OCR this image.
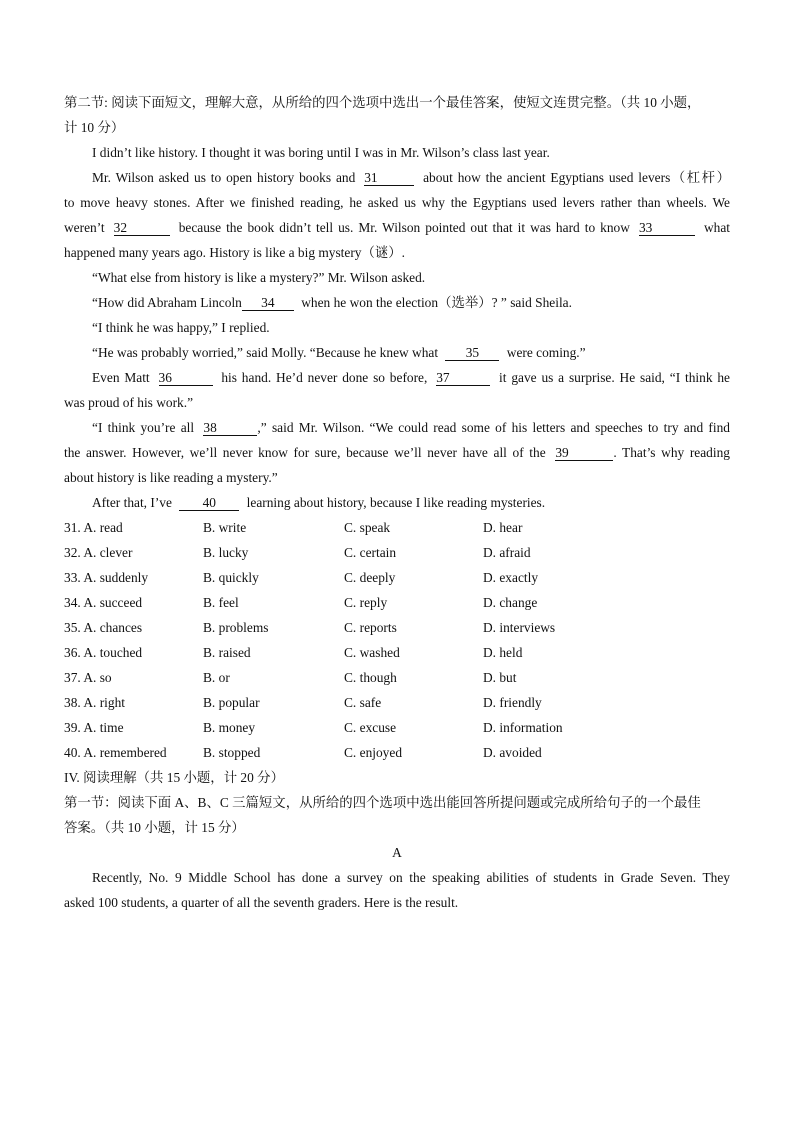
第二节: 阅读下面短文，理解大意，从所给的四个选项中选出一个最佳答案，使短文连贯完整。（共 10 小题，
计 10 分）
I didn’t like history. I thought it was boring until I was in Mr. Wilson’s class last year.
Mr. Wilson asked us to open history books and 31	about how the ancient Egyptians used levers（杠杆）
to move heavy stones. After we finished reading, he asked us why the Egyptians used levers rather than wheels. We
weren’t 32	because the book didn’t tell us. Mr. Wilson pointed out that it was hard to know 33	what
happened many years ago. History is like a big mystery（谜）.
“What else from history is like a mystery?” Mr. Wilson asked.
“How did Abraham Lincoln 34 when he won the election（选举）? ” said Sheila.
“I think he was happy,” I replied.
“He was probably worried,” said Molly. “Because he knew what 35 were coming.”
Even Matt 36	his hand. He’d never done so before, 37	it gave us a surprise. He said, “I think he
was proud of his work.”
“I think you’re all 38	,” said Mr. Wilson. “We could read some of his letters and speeches to try and find
the answer. However, we’ll never know for sure, because we’ll never have all of the 39	. That’s why reading
about history is like reading a mystery.”
After that, I’ve 40 learning about history, because I like reading mysteries.
31. A. read	B. write	C. speak	D. hear
32. A. clever	B. lucky	C. certain	D. afraid
33. A. suddenly	B. quickly	C. deeply	D. exactly
34. A. succeed	B. feel	C. reply	D. change
35. A. chances	B. problems	C. reports	D. interviews
36. A. touched	B. raised	C. washed	D. held
37. A. so	B. or	C. though	D. but
38. A. right	B. popular	C. safe	D. friendly
39. A. time	B. money	C. excuse	D. information
40. A. remembered	B. stopped	C. enjoyed	D. avoided
IV. 阅读理解（共 15 小题，计 20 分）
第一节：阅读下面 A、B、C 三篇短文，从所给的四个选项中选出能回答所提问题或完成所给句子的一个最佳
答案。（共 10 小题，计 15 分）
A
Recently, No. 9 Middle School has done a survey on the speaking abilities of students in Grade Seven. They
asked 100 students, a quarter of all the seventh graders. Here is the result.
